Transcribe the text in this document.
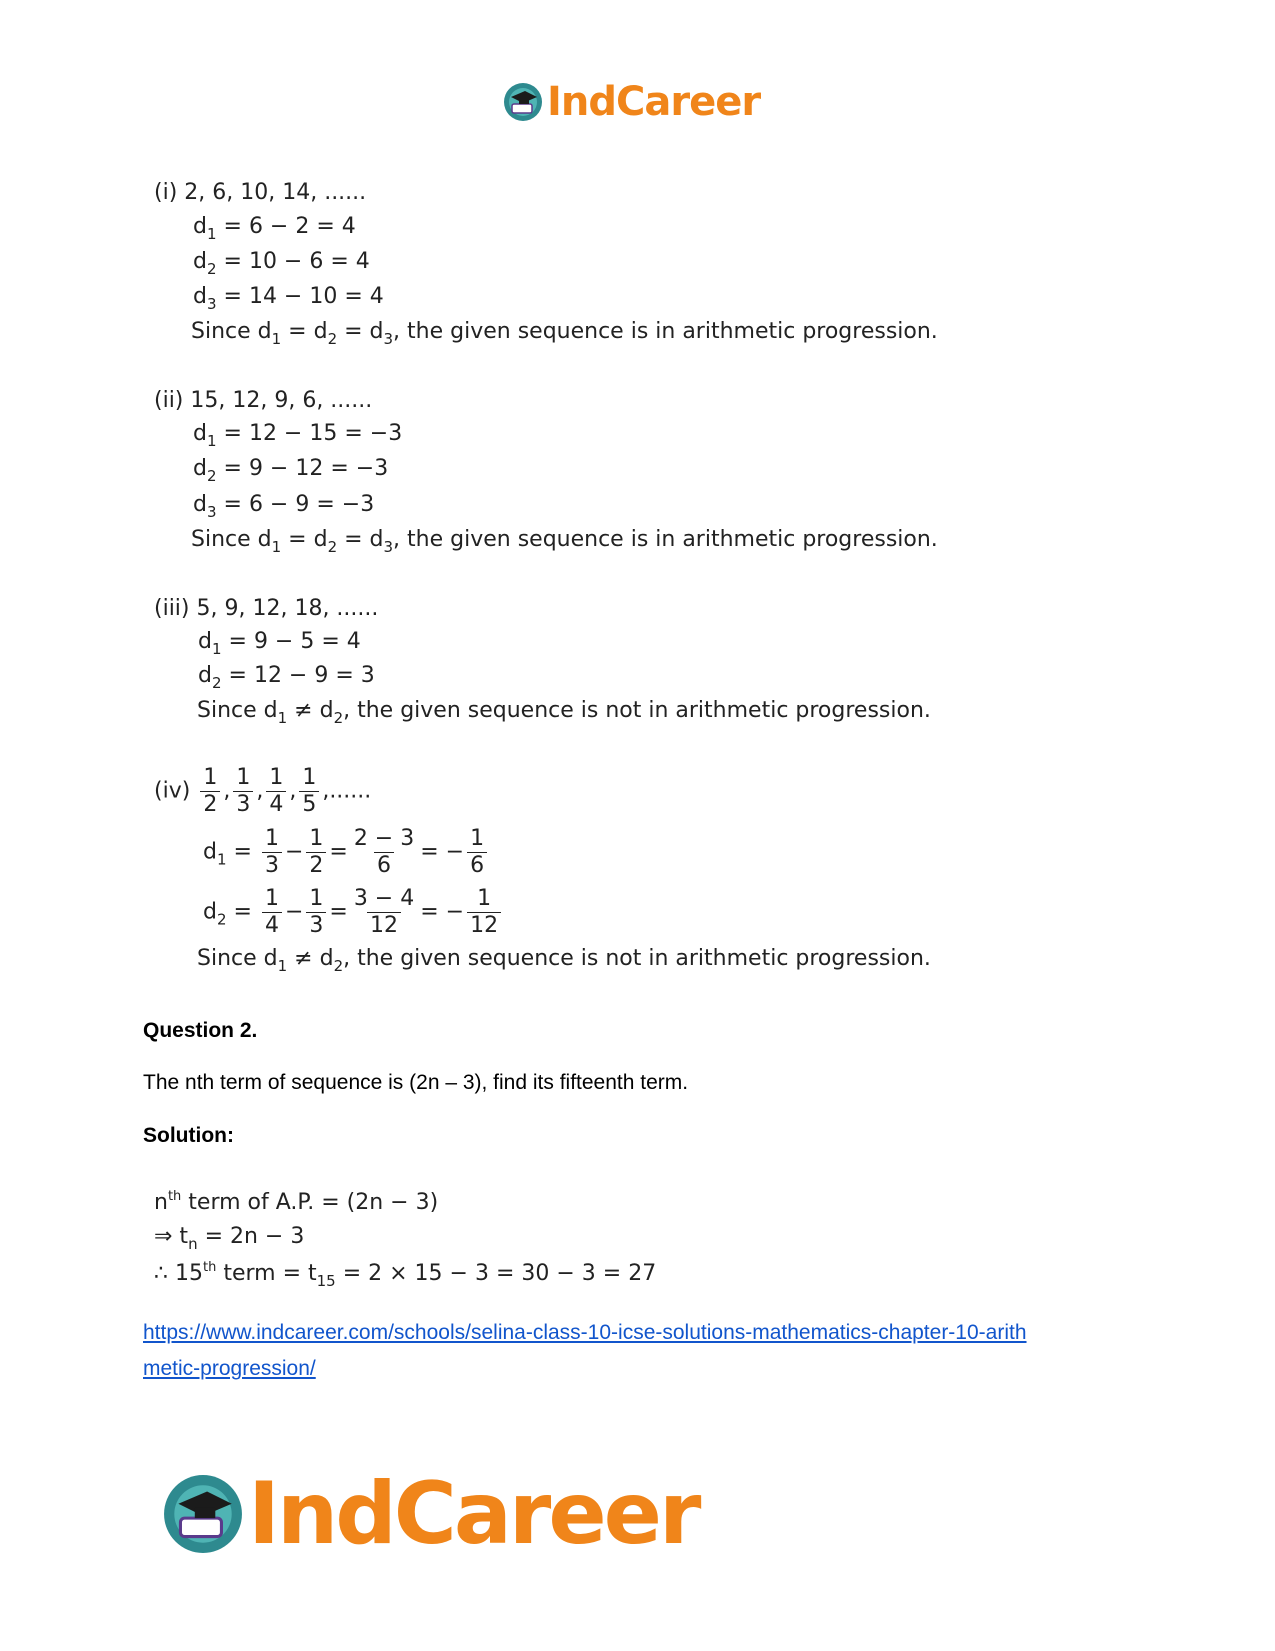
IndCareer
(i) 2, 6, 10, 14, ......
$d_1 = 6 - 2 = 4$
$d_2 = 10 - 6 = 4$
$d_3 = 14 - 10 = 4$
Since $d_1 = d_2 = d_3$, the given sequence is in arithmetic progression.
(ii) 15, 12, 9, 6, ......
$d_1 = 12 - 15 = -3$
$d_2 = 9 - 12 = -3$
$d_3 = 6 - 9 = -3$
Since $d_1 = d_2 = d_3$, the given sequence is in arithmetic progression.
(iii) 5, 9, 12, 18, ......
$d_1 = 9 - 5 = 4$
$d_2 = 12 - 9 = 3$
Since $d_1 \ne d_2$, the given sequence is not in arithmetic progression.
$(iv) \frac{1}{2}$ , $\frac{1}{3}$ , $\frac{1}{4}$ , $\frac{1}{5}$ ,......
$d_1 = \frac{1}{3} - \frac{1}{2} = \frac{2 - 3}{6}$ = − $\frac{1}{6}$
$d_2 = \frac{1}{4} - \frac{1}{3} = \frac{3 - 4}{12}$ = − $\frac{1}{12}$
Since $d_1 \ne d_2$, the given sequence is not in arithmetic progression.
Question 2.
The nth term of sequence is (2n – 3), find its fifteenth term.
Solution:
$n^{th}$ term of A.P. = (2n − 3)
⇒ $t_n = 2n - 3$
∴ 15th term = $t_{15} = 2 \times 15 - 3 = 30 - 3 = 27$
https://www.indcareer.com/schools/selina-class-10-icse-solutions-mathematics-chapter-10-arith
metic-progression/
IndCareer
